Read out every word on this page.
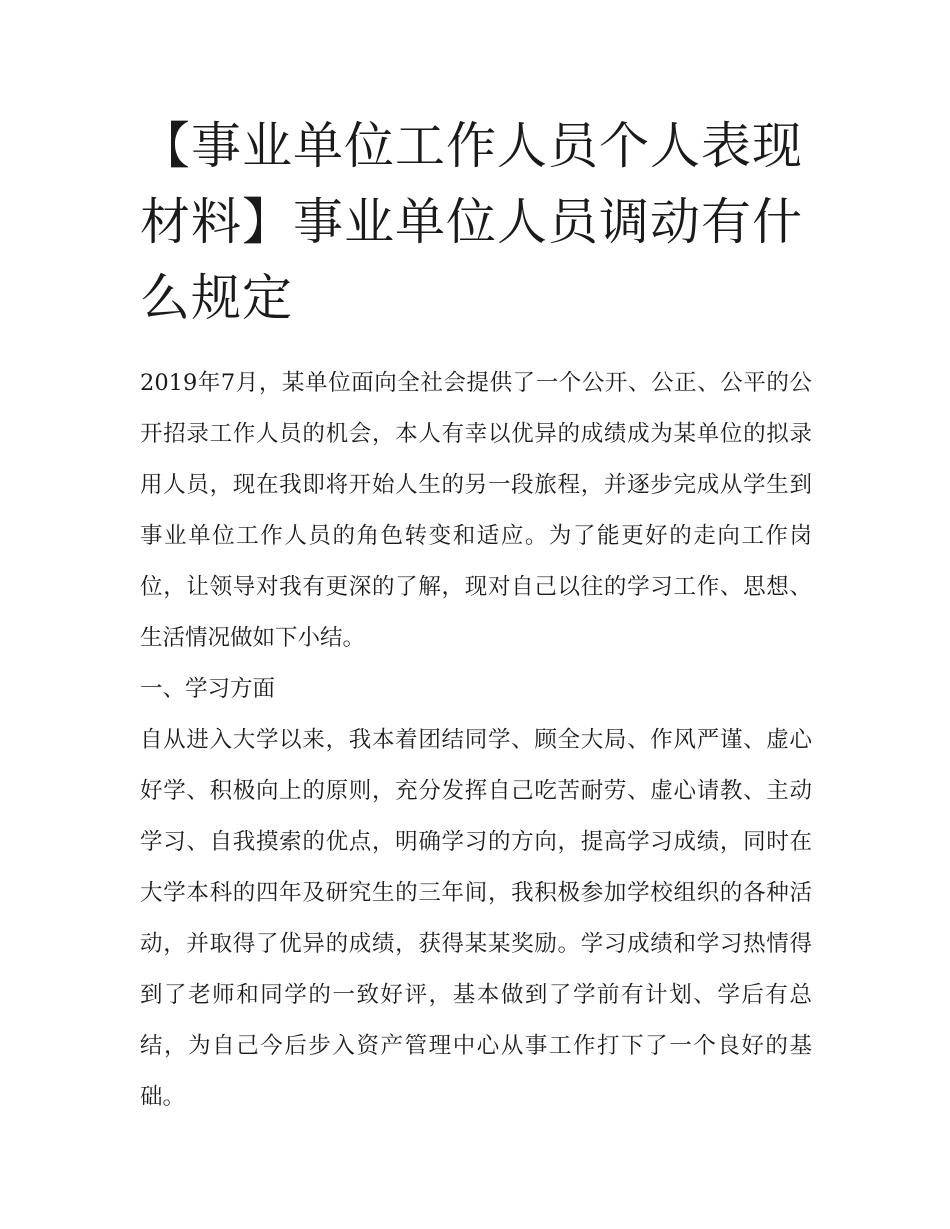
【事业单位工作人员个人表现材料】事业单位人员调动有什么规定

2019年7月，某单位面向全社会提供了一个公开、公正、公平的公开招录工作人员的机会，本人有幸以优异的成绩成为某单位的拟录用人员，现在我即将开始人生的另一段旅程，并逐步完成从学生到事业单位工作人员的角色转变和适应。为了能更好的走向工作岗位，让领导对我有更深的了解，现对自己以往的学习工作、思想、生活情况做如下小结。

一、学习方面

自从进入大学以来，我本着团结同学、顾全大局、作风严谨、虚心好学、积极向上的原则，充分发挥自己吃苦耐劳、虚心请教、主动学习、自我摸索的优点，明确学习的方向，提高学习成绩，同时在大学本科的四年及研究生的三年间，我积极参加学校组织的各种活动，并取得了优异的成绩，获得某某奖励。学习成绩和学习热情得到了老师和同学的一致好评，基本做到了学前有计划、学后有总结，为自己今后步入资产管理中心从事工作打下了一个良好的基础。
